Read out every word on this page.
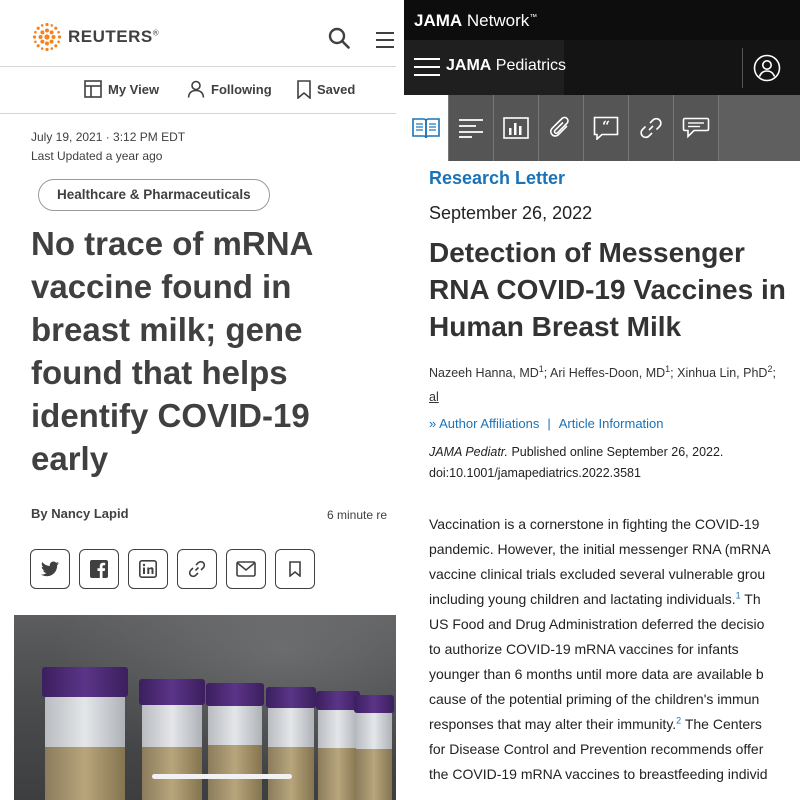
REUTERS®
My View	Following	Saved
July 19, 2021 · 3:12 PM EDT
Last Updated a year ago
Healthcare & Pharmaceuticals
No trace of mRNA vaccine found in breast milk; gene found that helps identify COVID-19 early
By Nancy Lapid	6 minute re
JAMA Network™
JAMA Pediatrics
“
Research Letter
September 26, 2022
Detection of Messenger
RNA COVID-19 Vaccines in
Human Breast Milk
Nazeeh Hanna, $MD^1$; Ari Heffes-Doon, $MD^1$; Xinhua Lin, PhD$^2$;
al
» Author Affiliations | Article Information
JAMA Pediatr. Published online September 26, 2022.
doi:10.1001/jamapediatrics.2022.3581
Vaccination is a cornerstone in fighting the COVID-19
pandemic. However, the initial messenger RNA (mRNA
vaccine clinical trials excluded several vulnerable grou
including young children and lactating individuals.$^1$ Th
US Food and Drug Administration deferred the decisio
to authorize COVID-19 mRNA vaccines for infants
younger than 6 months until more data are available b
cause of the potential priming of the children's immun
responses that may alter their immunity.$^2$ The Centers
for Disease Control and Prevention recommends offer
the COVID-19 mRNA vaccines to breastfeeding individ
